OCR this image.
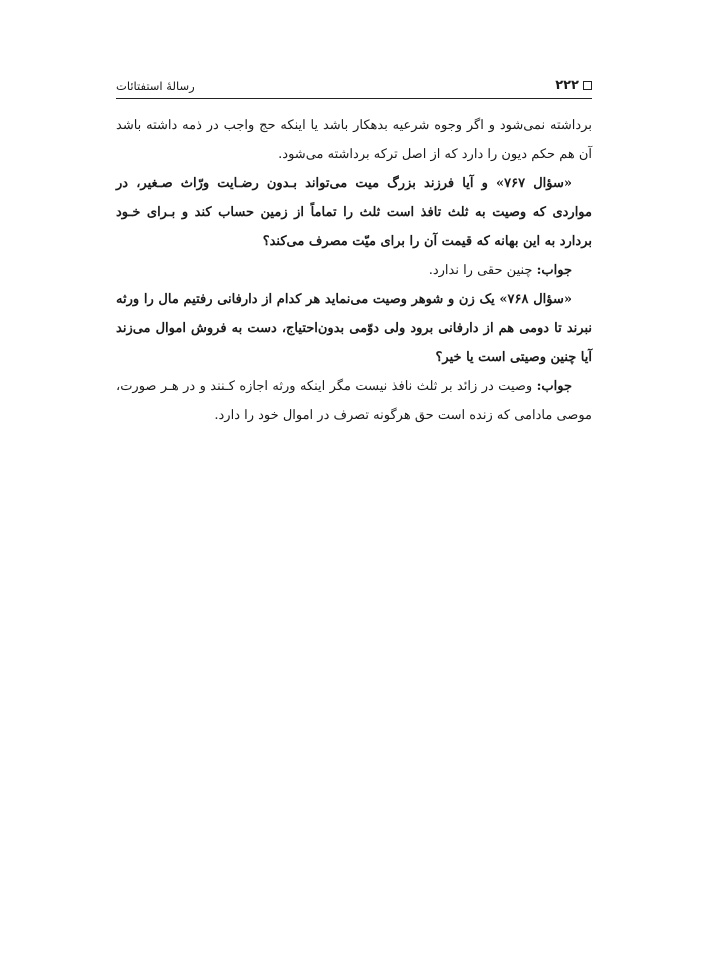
۲۲۲
رسالهٔ استفتائات

برداشته نمی‌شود و اگر وجوه شرعیه بدهکار باشد یا اینکه حج واجب در ذمه داشته باشد آن هم حکم دیون را دارد که از اصل ترکه برداشته می‌شود.

«سؤال ۷۶۷» و آیا فرزند بزرگ میت می‌تواند بـدون رضـایت ورّاث صـغیر، در مواردی که وصیت به ثلث تافذ است ثلث را تماماً از زمین حساب کند و بـرای خـود بردارد به این بهانه که قیمت آن را برای میّت مصرف می‌کند؟

جواب: چنین حقی را ندارد.

«سؤال ۷۶۸» یک زن و شوهر وصیت می‌نماید هر کدام از دارفانی رفتیم مال را ورثه نبرند تا دومی هم از دارفانی برود ولی دوّمی بدون‌احتیاج، دست به فروش اموال می‌زند آیا چنین وصیتی است یا خیر؟

جواب: وصیت در زائد بر ثلث نافذ نیست مگر اینکه ورثه اجازه کـنند و در هـر صورت، موصی مادامی که زنده است حق هرگونه تصرف در اموال خود را دارد.
